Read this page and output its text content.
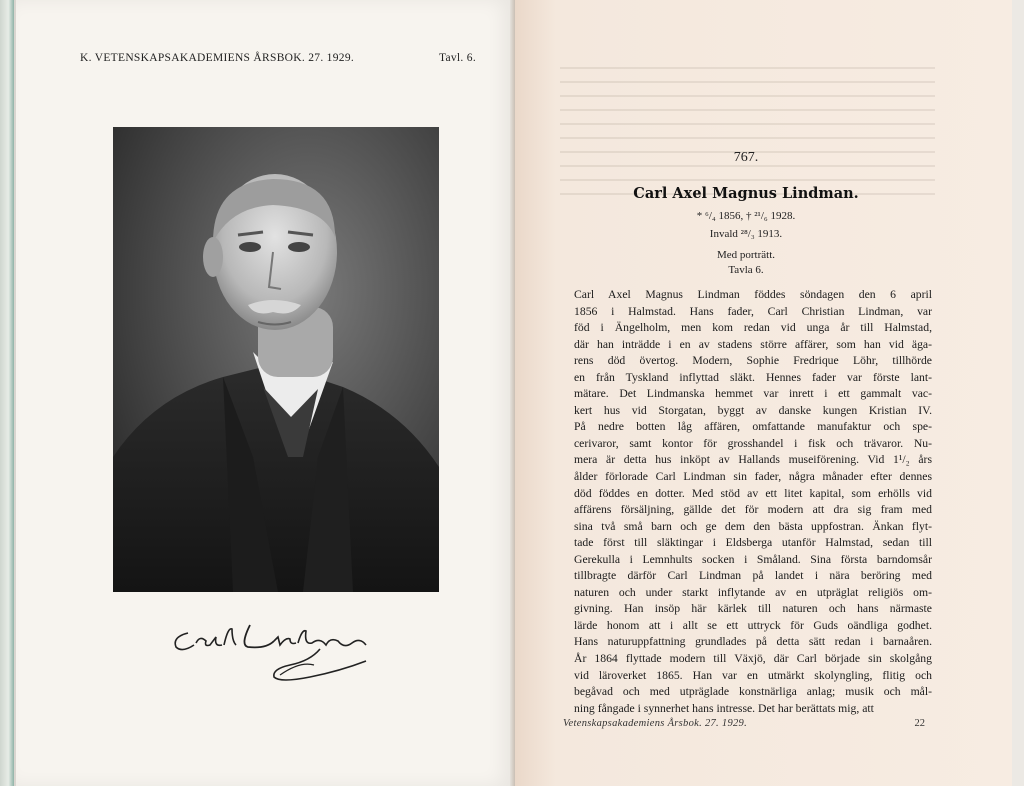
K. VETENSKAPSAKADEMIENS ÅRSBOK. 27. 1929.	Tavl. 6.
767.
Carl Axel Magnus Lindman.
* ⁶/₄ 1856, † ²¹/₆ 1928.
Invald ²⁸/₃ 1913.
Med porträtt.
Tavla 6.
Carl Axel Magnus Lindman föddes söndagen den 6 april
1856 i Halmstad. Hans fader, Carl Christian Lindman, var
föd i Ängelholm, men kom redan vid unga år till Halmstad,
där han inträdde i en av stadens större affärer, som han vid äga-
rens död övertog. Modern, Sophie Fredrique Löhr, tillhörde
en från Tyskland inflyttad släkt. Hennes fader var förste lant-
mätare. Det Lindmanska hemmet var inrett i ett gammalt vac-
kert hus vid Storgatan, byggt av danske kungen Kristian IV.
På nedre botten låg affären, omfattande manufaktur och spe-
cerivaror, samt kontor för grosshandel i fisk och trävaror. Nu-
mera är detta hus inköpt av Hallands museiförening. Vid 1¹/₂ års
ålder förlorade Carl Lindman sin fader, några månader efter dennes
död föddes en dotter. Med stöd av ett litet kapital, som erhölls vid
affärens försäljning, gällde det för modern att dra sig fram med
sina två små barn och ge dem den bästa uppfostran. Änkan flyt-
tade först till släktingar i Eldsberga utanför Halmstad, sedan till
Gerekulla i Lemnhults socken i Småland. Sina första barndomsår
tillbragte därför Carl Lindman på landet i nära beröring med
naturen och under starkt inflytande av en utpräglat religiös om-
givning. Han insöp här kärlek till naturen och hans närmaste
lärde honom att i allt se ett uttryck för Guds oändliga godhet.
Hans naturuppfattning grundlades på detta sätt redan i barnaåren.
År 1864 flyttade modern till Växjö, där Carl började sin skolgång
vid läroverket 1865. Han var en utmärkt skolyngling, flitig och
begåvad och med utpräglade konstnärliga anlag; musik och mål-
ning fångade i synnerhet hans intresse. Det har berättats mig, att
Vetenskapsakademiens Årsbok. 27. 1929.	22
